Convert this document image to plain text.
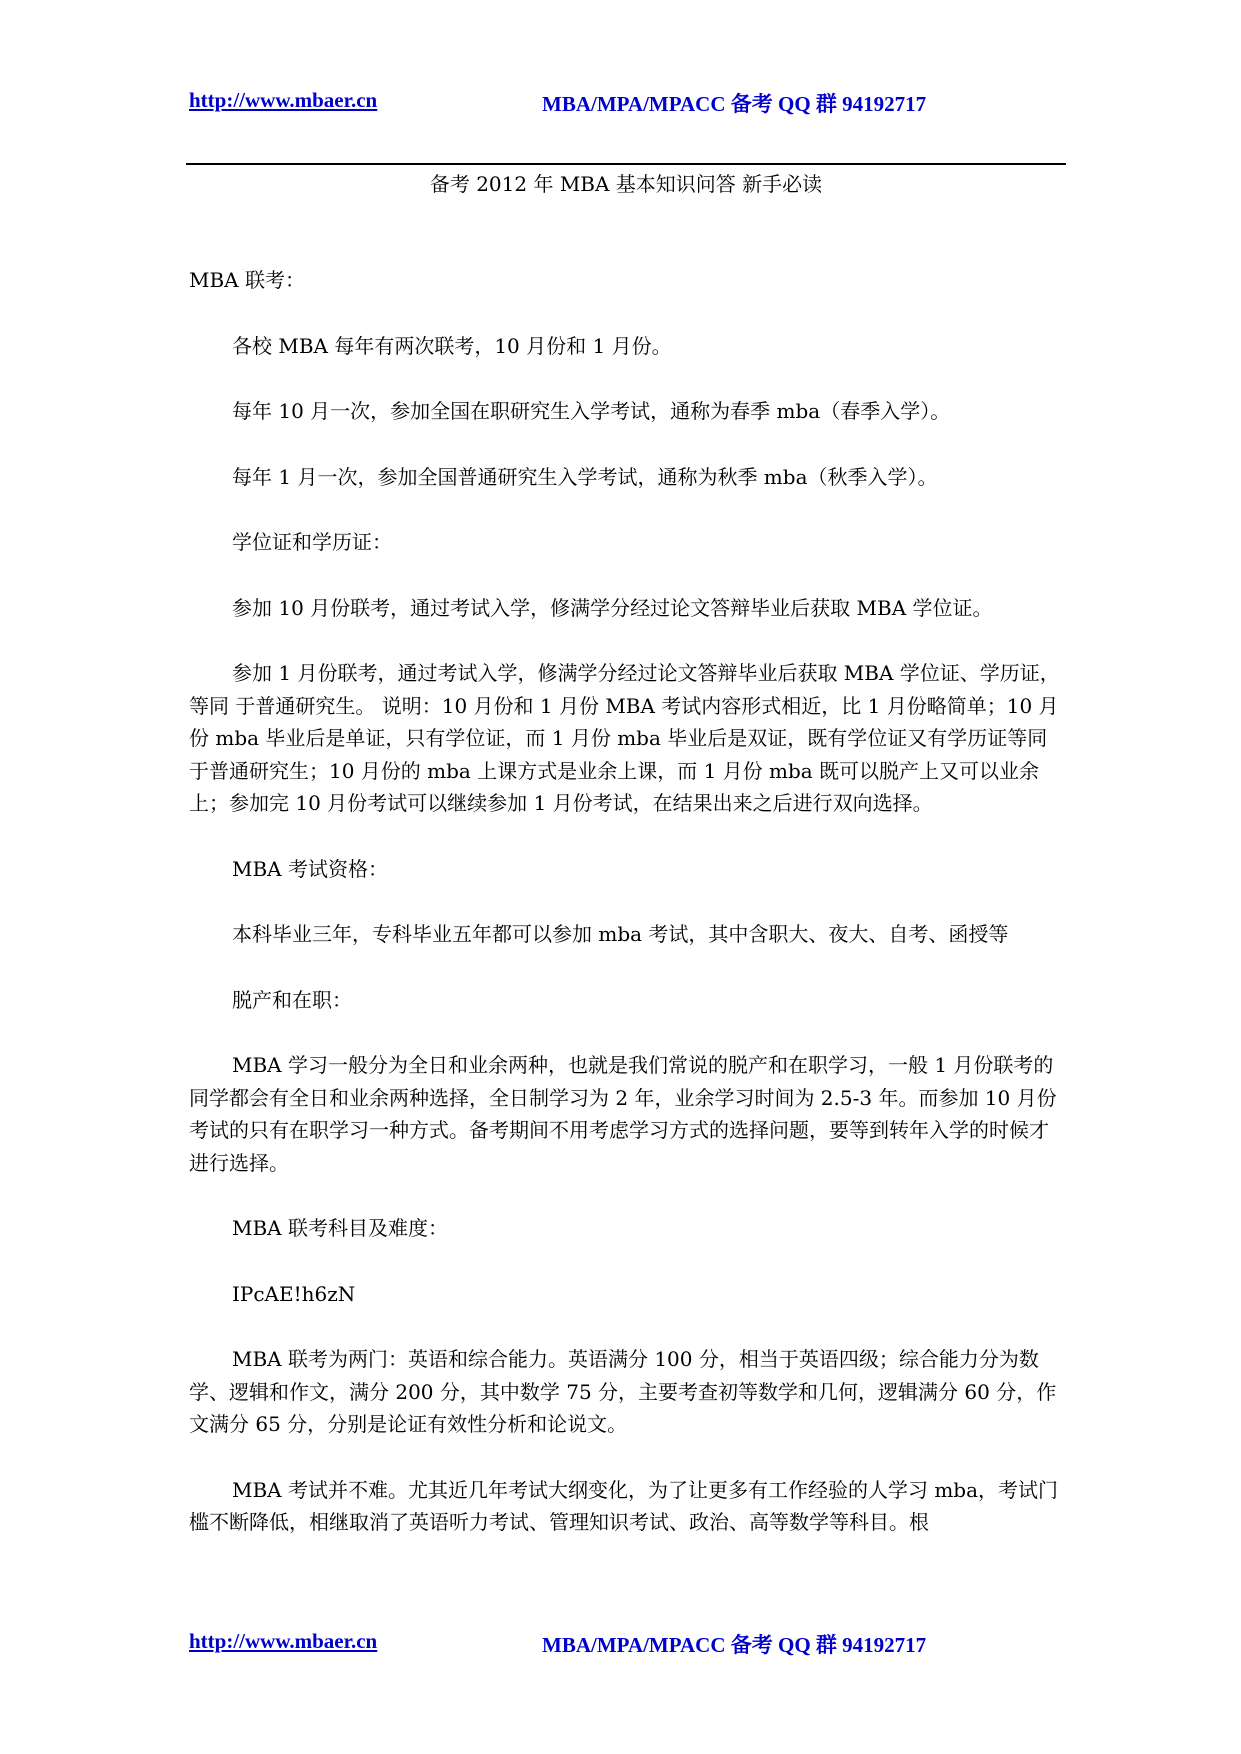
http://www.mbaer.cn	MBA/MPA/MPACC 备考 QQ 群 94192717
备考 2012 年 MBA 基本知识问答 新手必读

MBA 联考：

各校 MBA 每年有两次联考，10 月份和 1 月份。

每年 10 月一次，参加全国在职研究生入学考试，通称为春季 mba（春季入学）。

每年 1 月一次，参加全国普通研究生入学考试，通称为秋季 mba（秋季入学）。

学位证和学历证：

参加 10 月份联考，通过考试入学，修满学分经过论文答辩毕业后获取 MBA 学位证。

参加 1 月份联考，通过考试入学，修满学分经过论文答辩毕业后获取 MBA 学位证、学历证，等同 于普通研究生。 说明：10 月份和 1 月份 MBA 考试内容形式相近，比 1 月份略简单；10 月份 mba 毕业后是单证，只有学位证，而 1 月份 mba 毕业后是双证，既有学位证又有学历证等同于普通研究生；10 月份的 mba 上课方式是业余上课，而 1 月份 mba 既可以脱产上又可以业余上；参加完 10 月份考试可以继续参加 1 月份考试，在结果出来之后进行双向选择。

MBA 考试资格：

本科毕业三年，专科毕业五年都可以参加 mba 考试，其中含职大、夜大、自考、函授等

脱产和在职：

MBA 学习一般分为全日和业余两种，也就是我们常说的脱产和在职学习，一般 1 月份联考的同学都会有全日和业余两种选择，全日制学习为 2 年，业余学习时间为 2.5-3 年。而参加 10 月份考试的只有在职学习一种方式。备考期间不用考虑学习方式的选择问题，要等到转年入学的时候才进行选择。

MBA 联考科目及难度：

IPcAE!h6zN

MBA 联考为两门：英语和综合能力。英语满分 100 分，相当于英语四级；综合能力分为数学、逻辑和作文，满分 200 分，其中数学 75 分，主要考查初等数学和几何，逻辑满分 60 分，作文满分 65 分，分别是论证有效性分析和论说文。

MBA 考试并不难。尤其近几年考试大纲变化，为了让更多有工作经验的人学习 mba，考试门槛不断降低，相继取消了英语听力考试、管理知识考试、政治、高等数学等科目。根

http://www.mbaer.cn	MBA/MPA/MPACC 备考 QQ 群 94192717
